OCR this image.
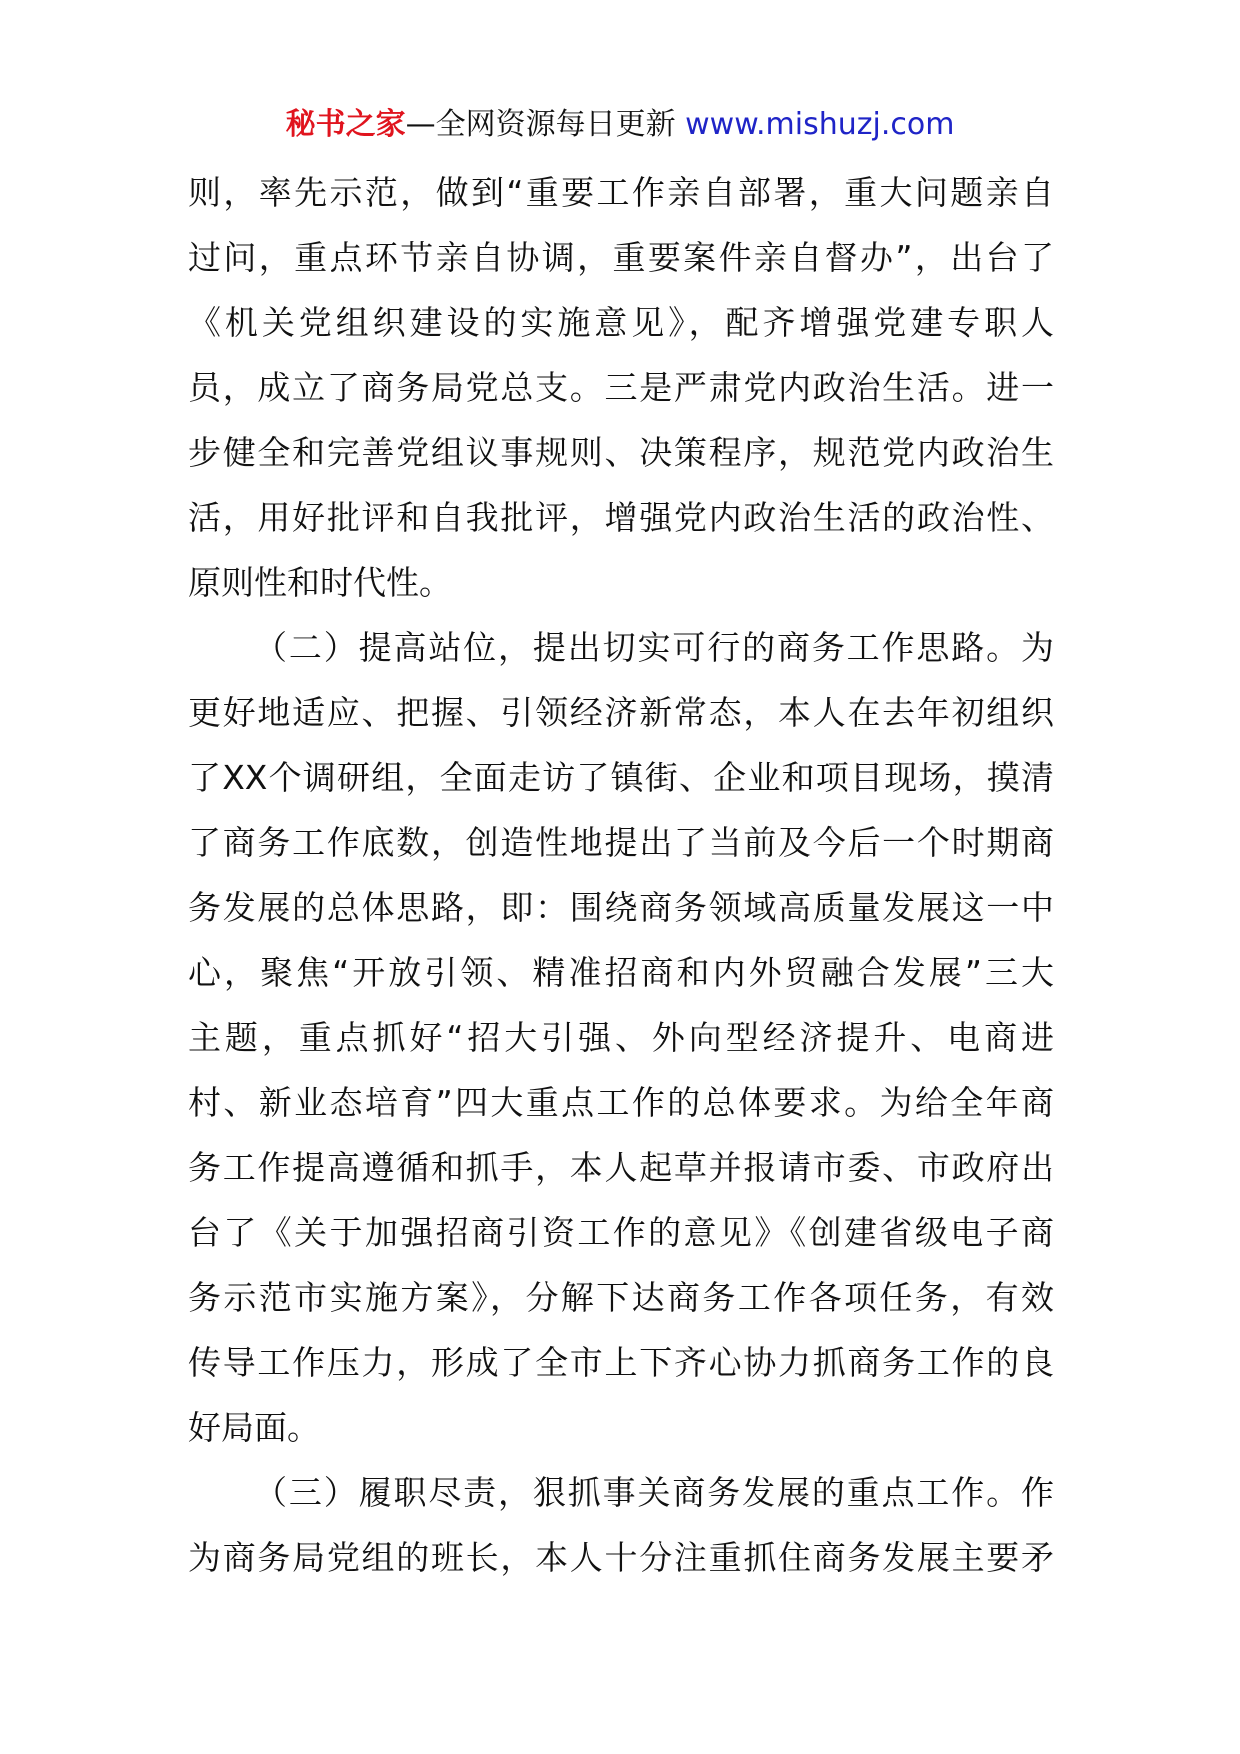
秘书之家—全网资源每日更新 www.mishuzj.com
则，率先示范，做到“重要工作亲自部署，重大问题亲自
过问，重点环节亲自协调，重要案件亲自督办”，出台了
《机关党组织建设的实施意见》，配齐增强党建专职人
员，成立了商务局党总支。三是严肃党内政治生活。进一
步健全和完善党组议事规则、决策程序，规范党内政治生
活，用好批评和自我批评，增强党内政治生活的政治性、
原则性和时代性。
（二）提高站位，提出切实可行的商务工作思路。为
更好地适应、把握、引领经济新常态，本人在去年初组织
了XX个调研组，全面走访了镇街、企业和项目现场，摸清
了商务工作底数，创造性地提出了当前及今后一个时期商
务发展的总体思路，即：围绕商务领域高质量发展这一中
心，聚焦“开放引领、精准招商和内外贸融合发展”三大
主题，重点抓好“招大引强、外向型经济提升、电商进
村、新业态培育”四大重点工作的总体要求。为给全年商
务工作提高遵循和抓手，本人起草并报请市委、市政府出
台了《关于加强招商引资工作的意见》《创建省级电子商
务示范市实施方案》，分解下达商务工作各项任务，有效
传导工作压力，形成了全市上下齐心协力抓商务工作的良
好局面。
（三）履职尽责，狠抓事关商务发展的重点工作。作
为商务局党组的班长，本人十分注重抓住商务发展主要矛
